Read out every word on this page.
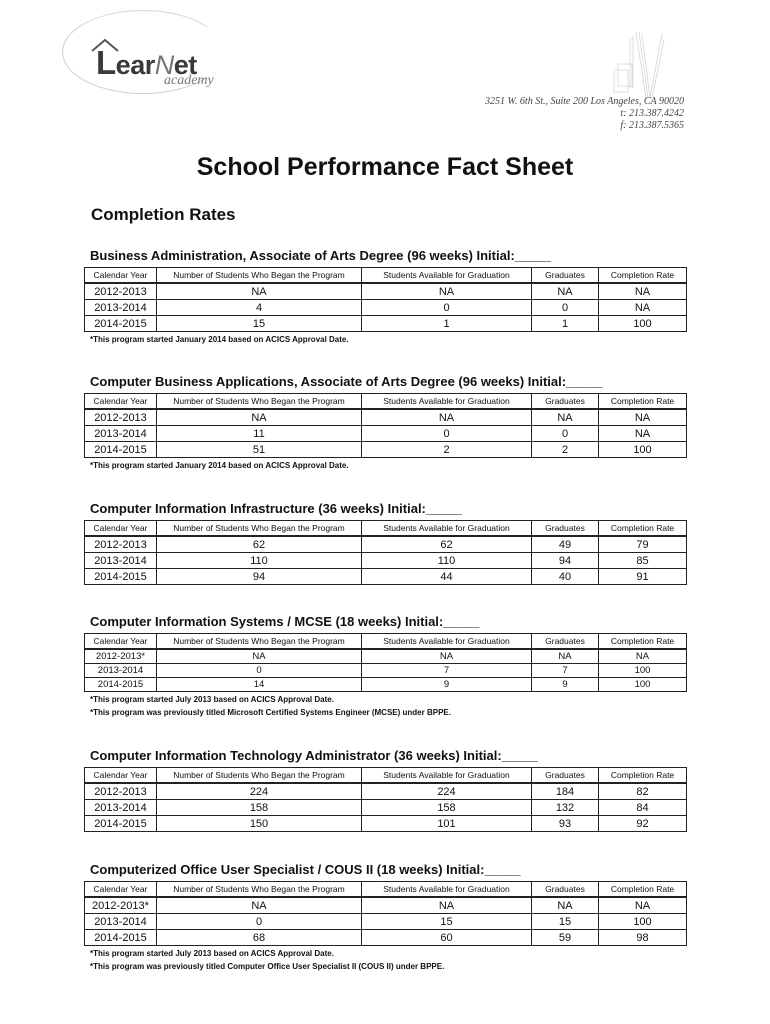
LearNet
academy
3251 W. 6th St., Suite 200 Los Angeles, CA 90020
t: 213.387.4242
f: 213.387.5365
School Performance Fact Sheet
Completion Rates
Business Administration, Associate of Arts Degree (96 weeks) Initial:_____
Calendar Year	Number of Students Who Began the Program	Students Available for Graduation	Graduates	Completion Rate
2012-2013	NA	NA	NA	NA
2013-2014	4	0	0	NA
2014-2015	15	1	1	100
*This program started January 2014 based on ACICS Approval Date.
Computer Business Applications, Associate of Arts Degree (96 weeks) Initial:_____
Calendar Year	Number of Students Who Began the Program	Students Available for Graduation	Graduates	Completion Rate
2012-2013	NA	NA	NA	NA
2013-2014	11	0	0	NA
2014-2015	51	2	2	100
*This program started January 2014 based on ACICS Approval Date.
Computer Information Infrastructure (36 weeks) Initial:_____
Calendar Year	Number of Students Who Began the Program	Students Available for Graduation	Graduates	Completion Rate
2012-2013	62	62	49	79
2013-2014	110	110	94	85
2014-2015	94	44	40	91
Computer Information Systems / MCSE (18 weeks) Initial:_____
Calendar Year	Number of Students Who Began the Program	Students Available for Graduation	Graduates	Completion Rate
2012-2013*	NA	NA	NA	NA
2013-2014	0	7	7	100
2014-2015	14	9	9	100
*This program started July 2013 based on ACICS Approval Date.
*This program was previously titled Microsoft Certified Systems Engineer (MCSE) under BPPE.
Computer Information Technology Administrator (36 weeks) Initial:_____
Calendar Year	Number of Students Who Began the Program	Students Available for Graduation	Graduates	Completion Rate
2012-2013	224	224	184	82
2013-2014	158	158	132	84
2014-2015	150	101	93	92
Computerized Office User Specialist / COUS II (18 weeks) Initial:_____
Calendar Year	Number of Students Who Began the Program	Students Available for Graduation	Graduates	Completion Rate
2012-2013*	NA	NA	NA	NA
2013-2014	0	15	15	100
2014-2015	68	60	59	98
*This program started July 2013 based on ACICS Approval Date.
*This program was previously titled Computer Office User Specialist II (COUS II) under BPPE.
